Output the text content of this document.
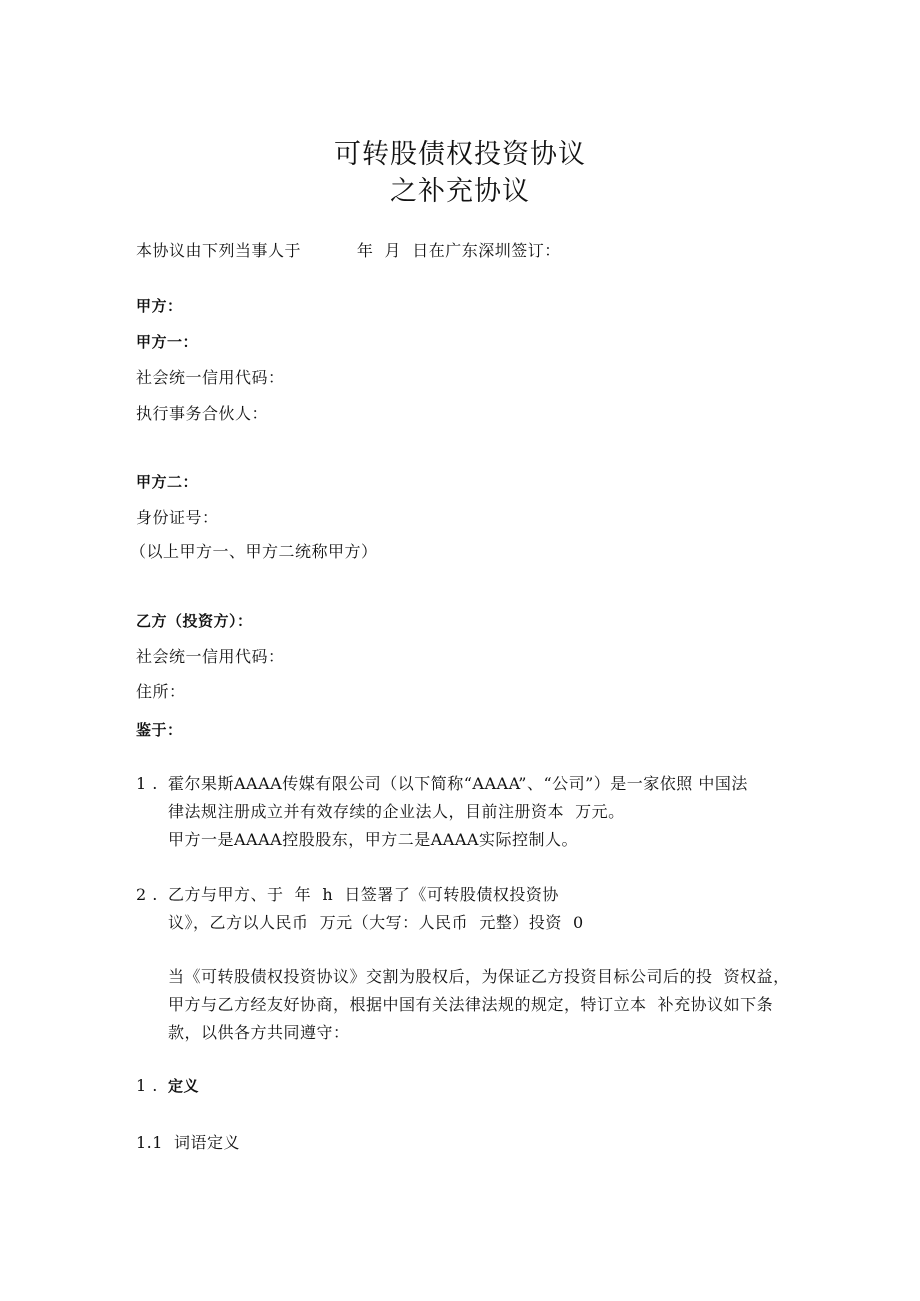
可转股债权投资协议
之补充协议
本协议由下列当事人于          年  月  日在广东深圳签订：
甲方：
甲方一：
社会统一信用代码：
执行事务合伙人：
甲方二：
身份证号：
（以上甲方一、甲方二统称甲方）
乙方（投资方）：
社会统一信用代码：
住所：
鉴于：
1 . 霍尔果斯AAAA传媒有限公司（以下简称“AAAA”、“公司”）是一家依照 中国法
律法规注册成立并有效存续的企业法人，目前注册资本  万元。
甲方一是AAAA控股股东，甲方二是AAAA实际控制人。
2 . 乙方与甲方、于  年  h  日签署了《可转股债权投资协
议》，乙方以人民币  万元（大写：人民币  元整）投资  0
当《可转股债权投资协议》交割为股权后，为保证乙方投资目标公司后的投  资权益，
甲方与乙方经友好协商，根据中国有关法律法规的规定，特订立本  补充协议如下条
款，以供各方共同遵守：
1 . 定义
1.1 词语定义
